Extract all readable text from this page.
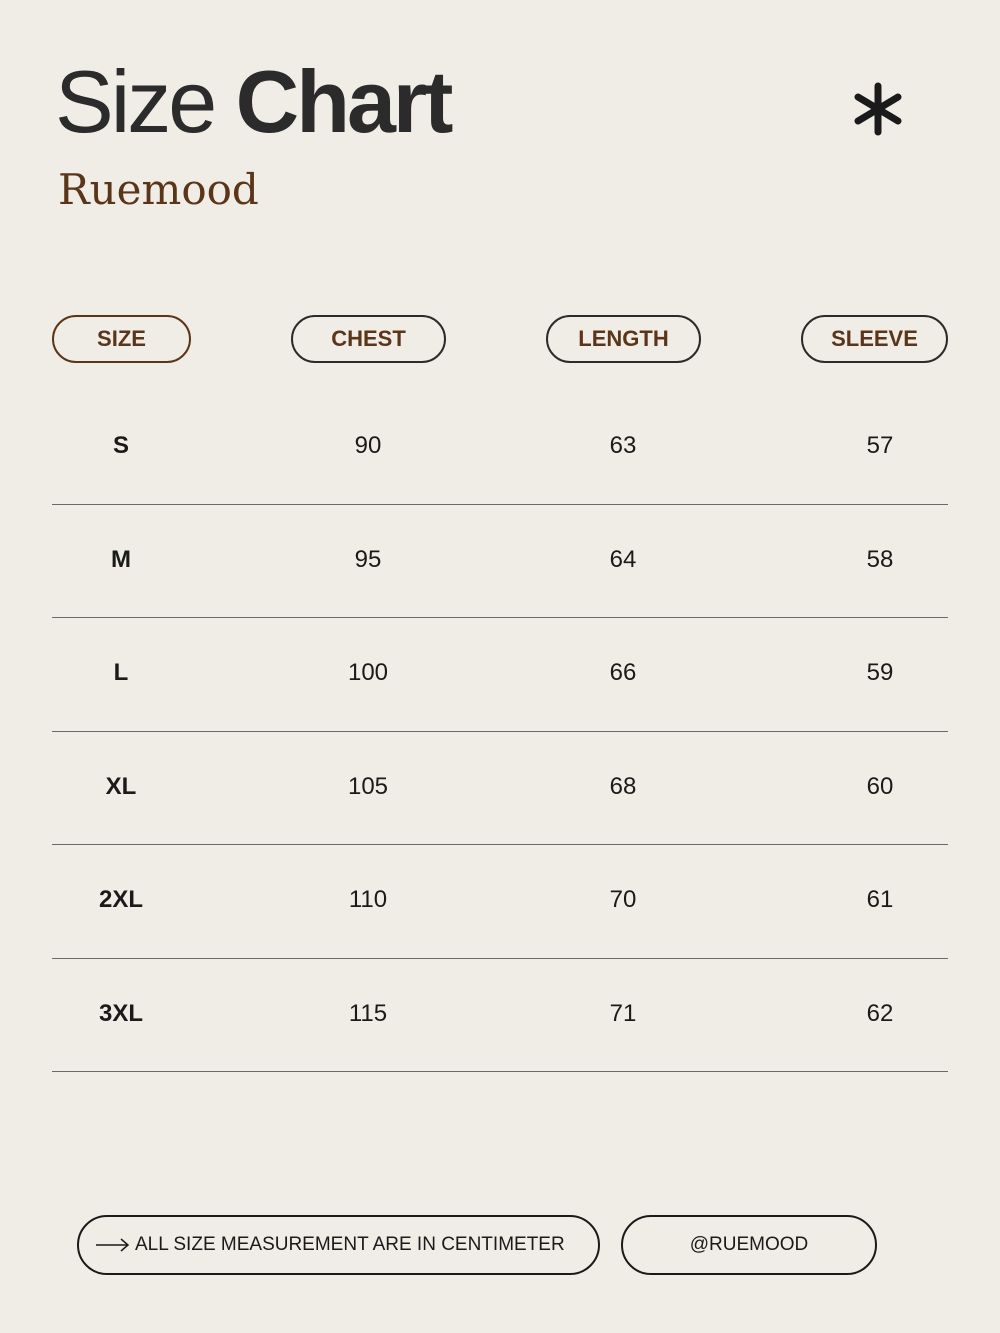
Size Chart
Ruemood
SIZE	CHEST	LENGTH	SLEEVE
S	90	63	57
M	95	64	58
L	100	66	59
XL	105	68	60
2XL	110	70	61
3XL	115	71	62
ALL SIZE MEASUREMENT ARE IN CENTIMETER	@RUEMOOD
